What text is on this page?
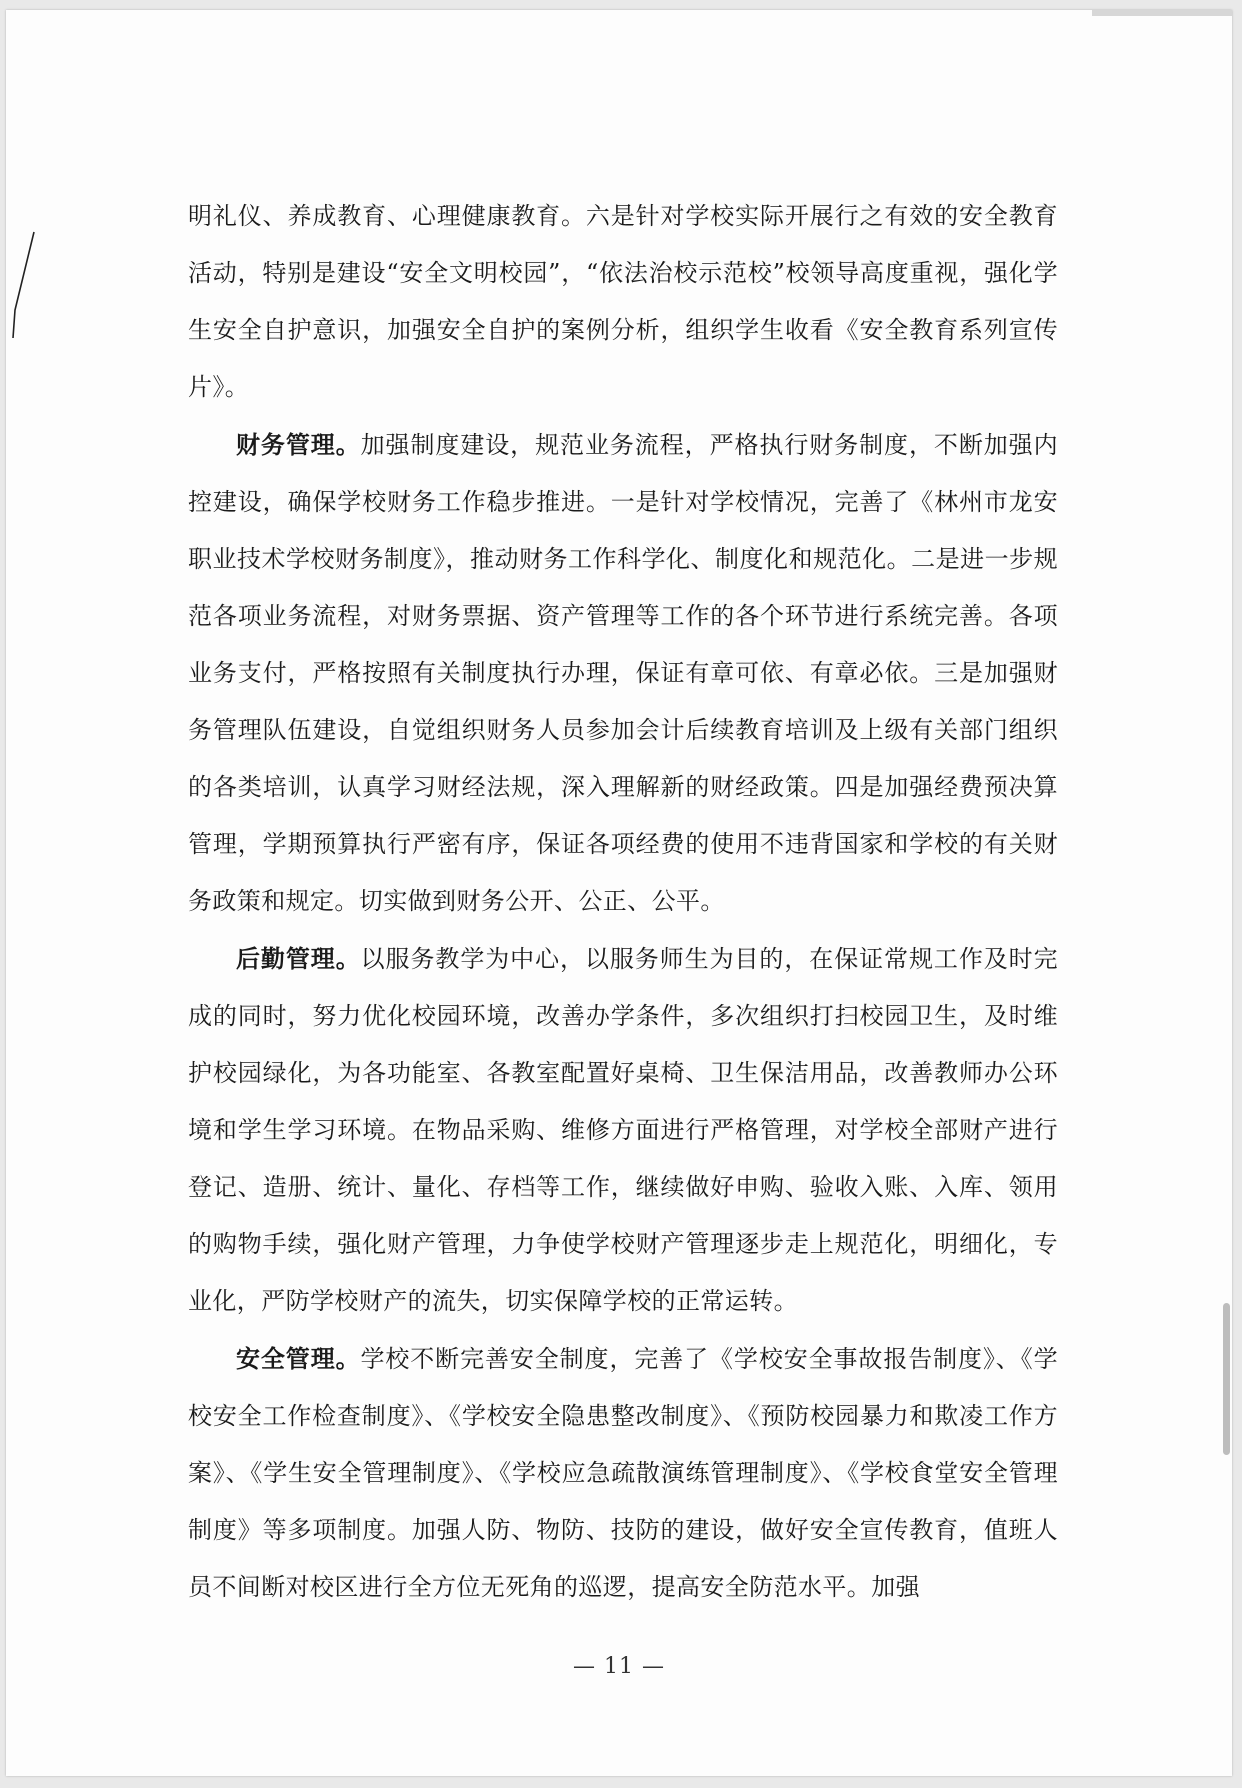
明礼仪、养成教育、心理健康教育。六是针对学校实际开展行之有效的安全教育活动，特别是建设“安全文明校园”，“依法治校示范校”校领导高度重视，强化学生安全自护意识，加强安全自护的案例分析，组织学生收看《安全教育系列宣传片》。

财务管理。加强制度建设，规范业务流程，严格执行财务制度，不断加强内控建设，确保学校财务工作稳步推进。一是针对学校情况，完善了《林州市龙安职业技术学校财务制度》，推动财务工作科学化、制度化和规范化。二是进一步规范各项业务流程，对财务票据、资产管理等工作的各个环节进行系统完善。各项业务支付，严格按照有关制度执行办理，保证有章可依、有章必依。三是加强财务管理队伍建设，自觉组织财务人员参加会计后续教育培训及上级有关部门组织的各类培训，认真学习财经法规，深入理解新的财经政策。四是加强经费预决算管理，学期预算执行严密有序，保证各项经费的使用不违背国家和学校的有关财务政策和规定。切实做到财务公开、公正、公平。

后勤管理。以服务教学为中心，以服务师生为目的，在保证常规工作及时完成的同时，努力优化校园环境，改善办学条件，多次组织打扫校园卫生，及时维护校园绿化，为各功能室、各教室配置好桌椅、卫生保洁用品，改善教师办公环境和学生学习环境。在物品采购、维修方面进行严格管理，对学校全部财产进行登记、造册、统计、量化、存档等工作，继续做好申购、验收入账、入库、领用的购物手续，强化财产管理，力争使学校财产管理逐步走上规范化，明细化，专业化，严防学校财产的流失，切实保障学校的正常运转。

安全管理。学校不断完善安全制度，完善了《学校安全事故报告制度》、《学校安全工作检查制度》、《学校安全隐患整改制度》、《预防校园暴力和欺凌工作方案》、《学生安全管理制度》、《学校应急疏散演练管理制度》、《学校食堂安全管理制度》等多项制度。加强人防、物防、技防的建设，做好安全宣传教育，值班人员不间断对校区进行全方位无死角的巡逻，提高安全防范水平。加强

— 11 —
